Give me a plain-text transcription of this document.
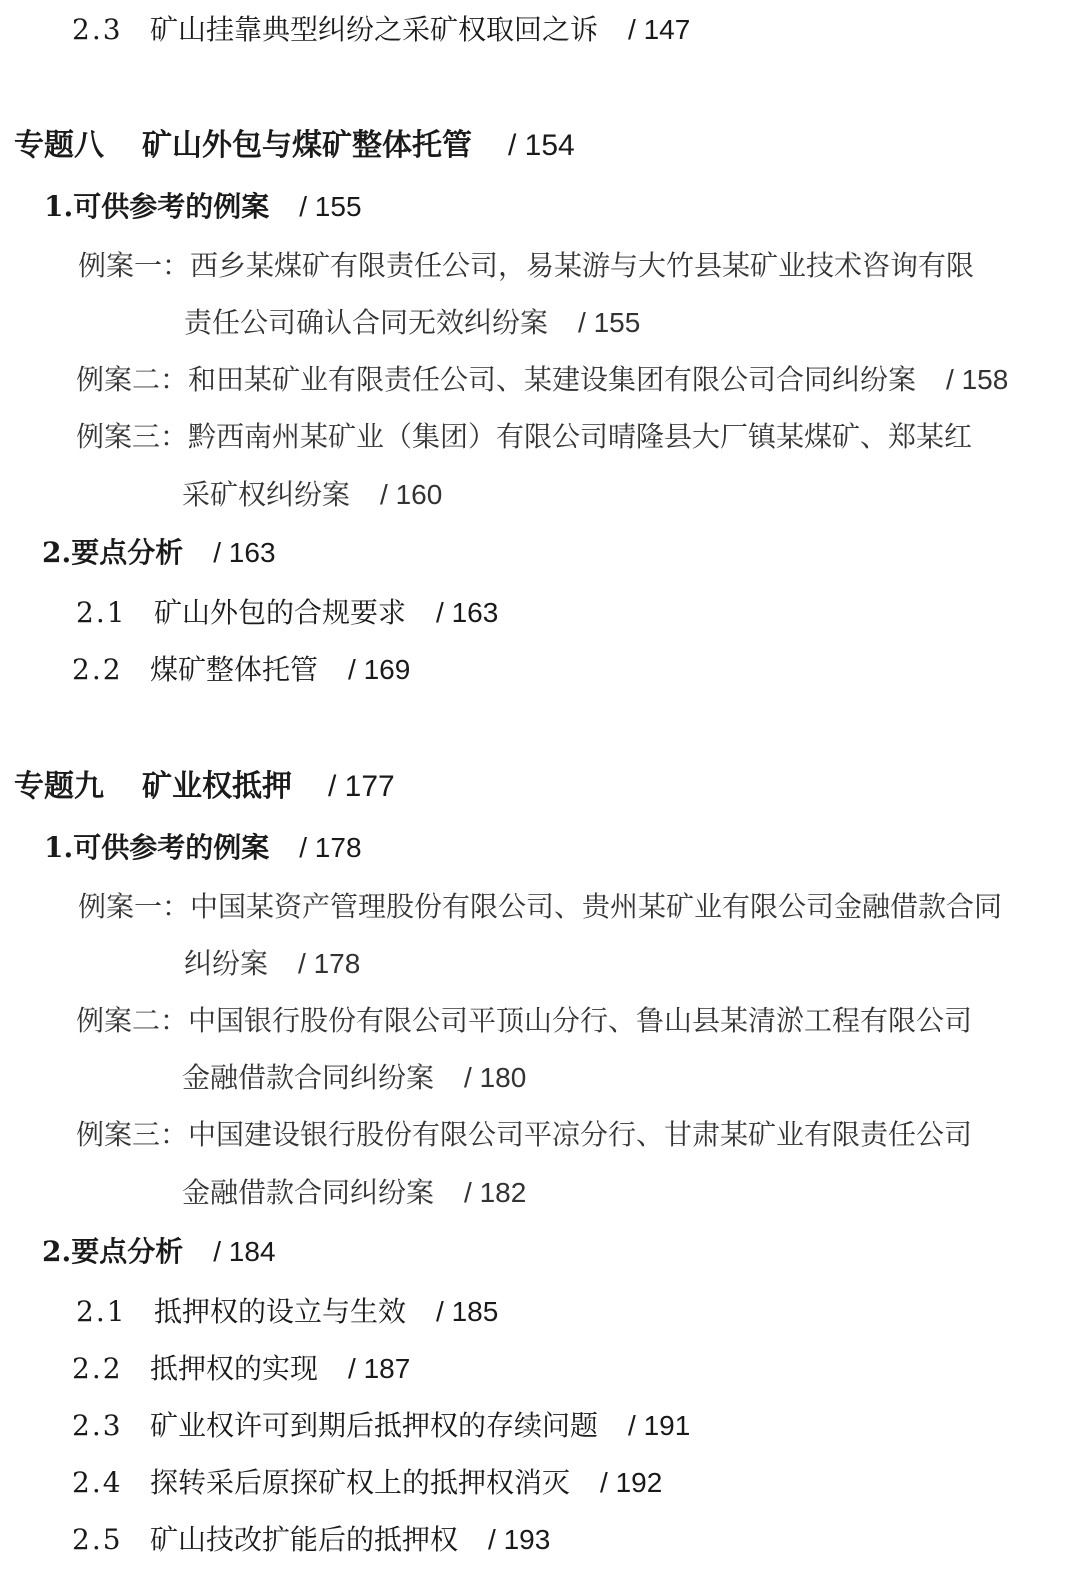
2.3 矿山挂靠典型纠纷之采矿权取回之诉 / 147
专题八 矿山外包与煤矿整体托管 / 154
1.可供参考的例案 / 155
例案一：西乡某煤矿有限责任公司，易某游与大竹县某矿业技术咨询有限
责任公司确认合同无效纠纷案 / 155
例案二：和田某矿业有限责任公司、某建设集团有限公司合同纠纷案 / 158
例案三：黔西南州某矿业（集团）有限公司晴隆县大厂镇某煤矿、郑某红
采矿权纠纷案 / 160
2.要点分析 / 163
2.1 矿山外包的合规要求 / 163
2.2 煤矿整体托管 / 169
专题九 矿业权抵押 / 177
1.可供参考的例案 / 178
例案一：中国某资产管理股份有限公司、贵州某矿业有限公司金融借款合同
纠纷案 / 178
例案二：中国银行股份有限公司平顶山分行、鲁山县某清淤工程有限公司
金融借款合同纠纷案 / 180
例案三：中国建设银行股份有限公司平凉分行、甘肃某矿业有限责任公司
金融借款合同纠纷案 / 182
2.要点分析 / 184
2.1 抵押权的设立与生效 / 185
2.2 抵押权的实现 / 187
2.3 矿业权许可到期后抵押权的存续问题 / 191
2.4 探转采后原探矿权上的抵押权消灭 / 192
2.5 矿山技改扩能后的抵押权 / 193
